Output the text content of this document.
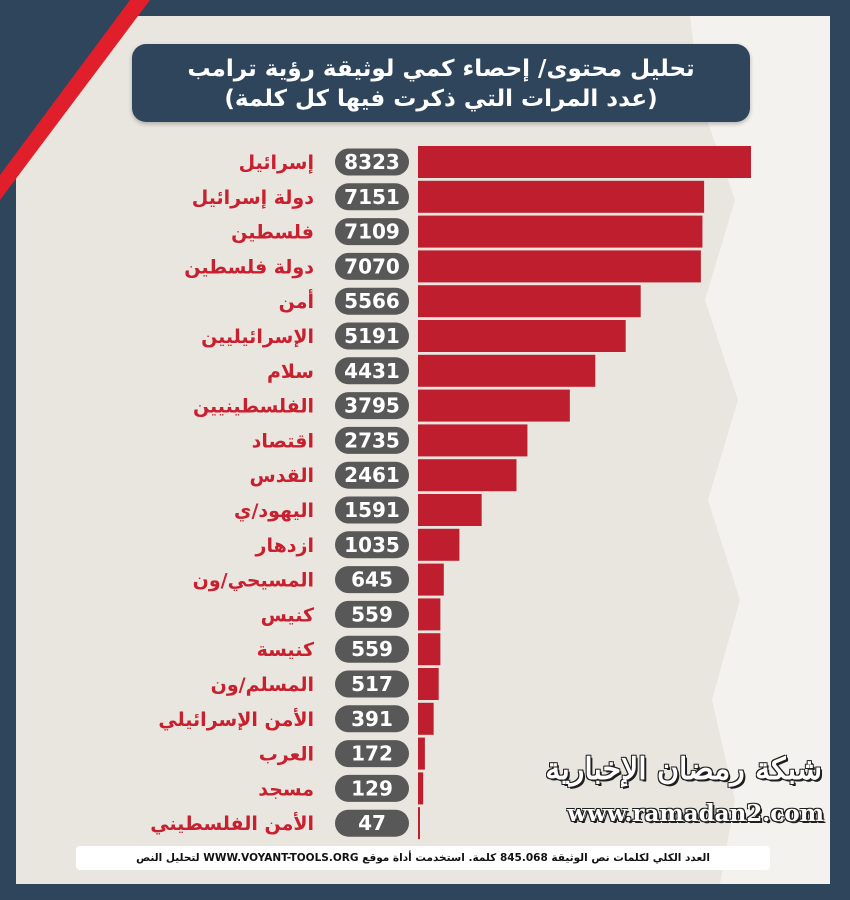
تحليل محتوى/ إحصاء كمي لوثيقة رؤية ترامب
(عدد المرات التي ذكرت فيها كل كلمة)
8323
إسرائيل
7151
دولة إسرائيل
7109
فلسطين
7070
دولة فلسطين
5566
أمن
5191
الإسرائيليين
4431
سلام
3795
الفلسطينيين
2735
اقتصاد
2461
القدس
1591
اليهود/ي
1035
ازدهار
645
المسيحي/ون
559
كنيس
559
كنيسة
517
المسلم/ون
391
الأمن الإسرائيلي
172
العرب
129
مسجد
47
الأمن الفلسطيني
شبكة رمضان الإخبارية
www.ramadan2.com
العدد الكلي لكلمات نص الوثيقة 845.068 كلمة. استخدمت أداة موقع WWW.VOYANT-TOOLS.ORG لتحليل النص
